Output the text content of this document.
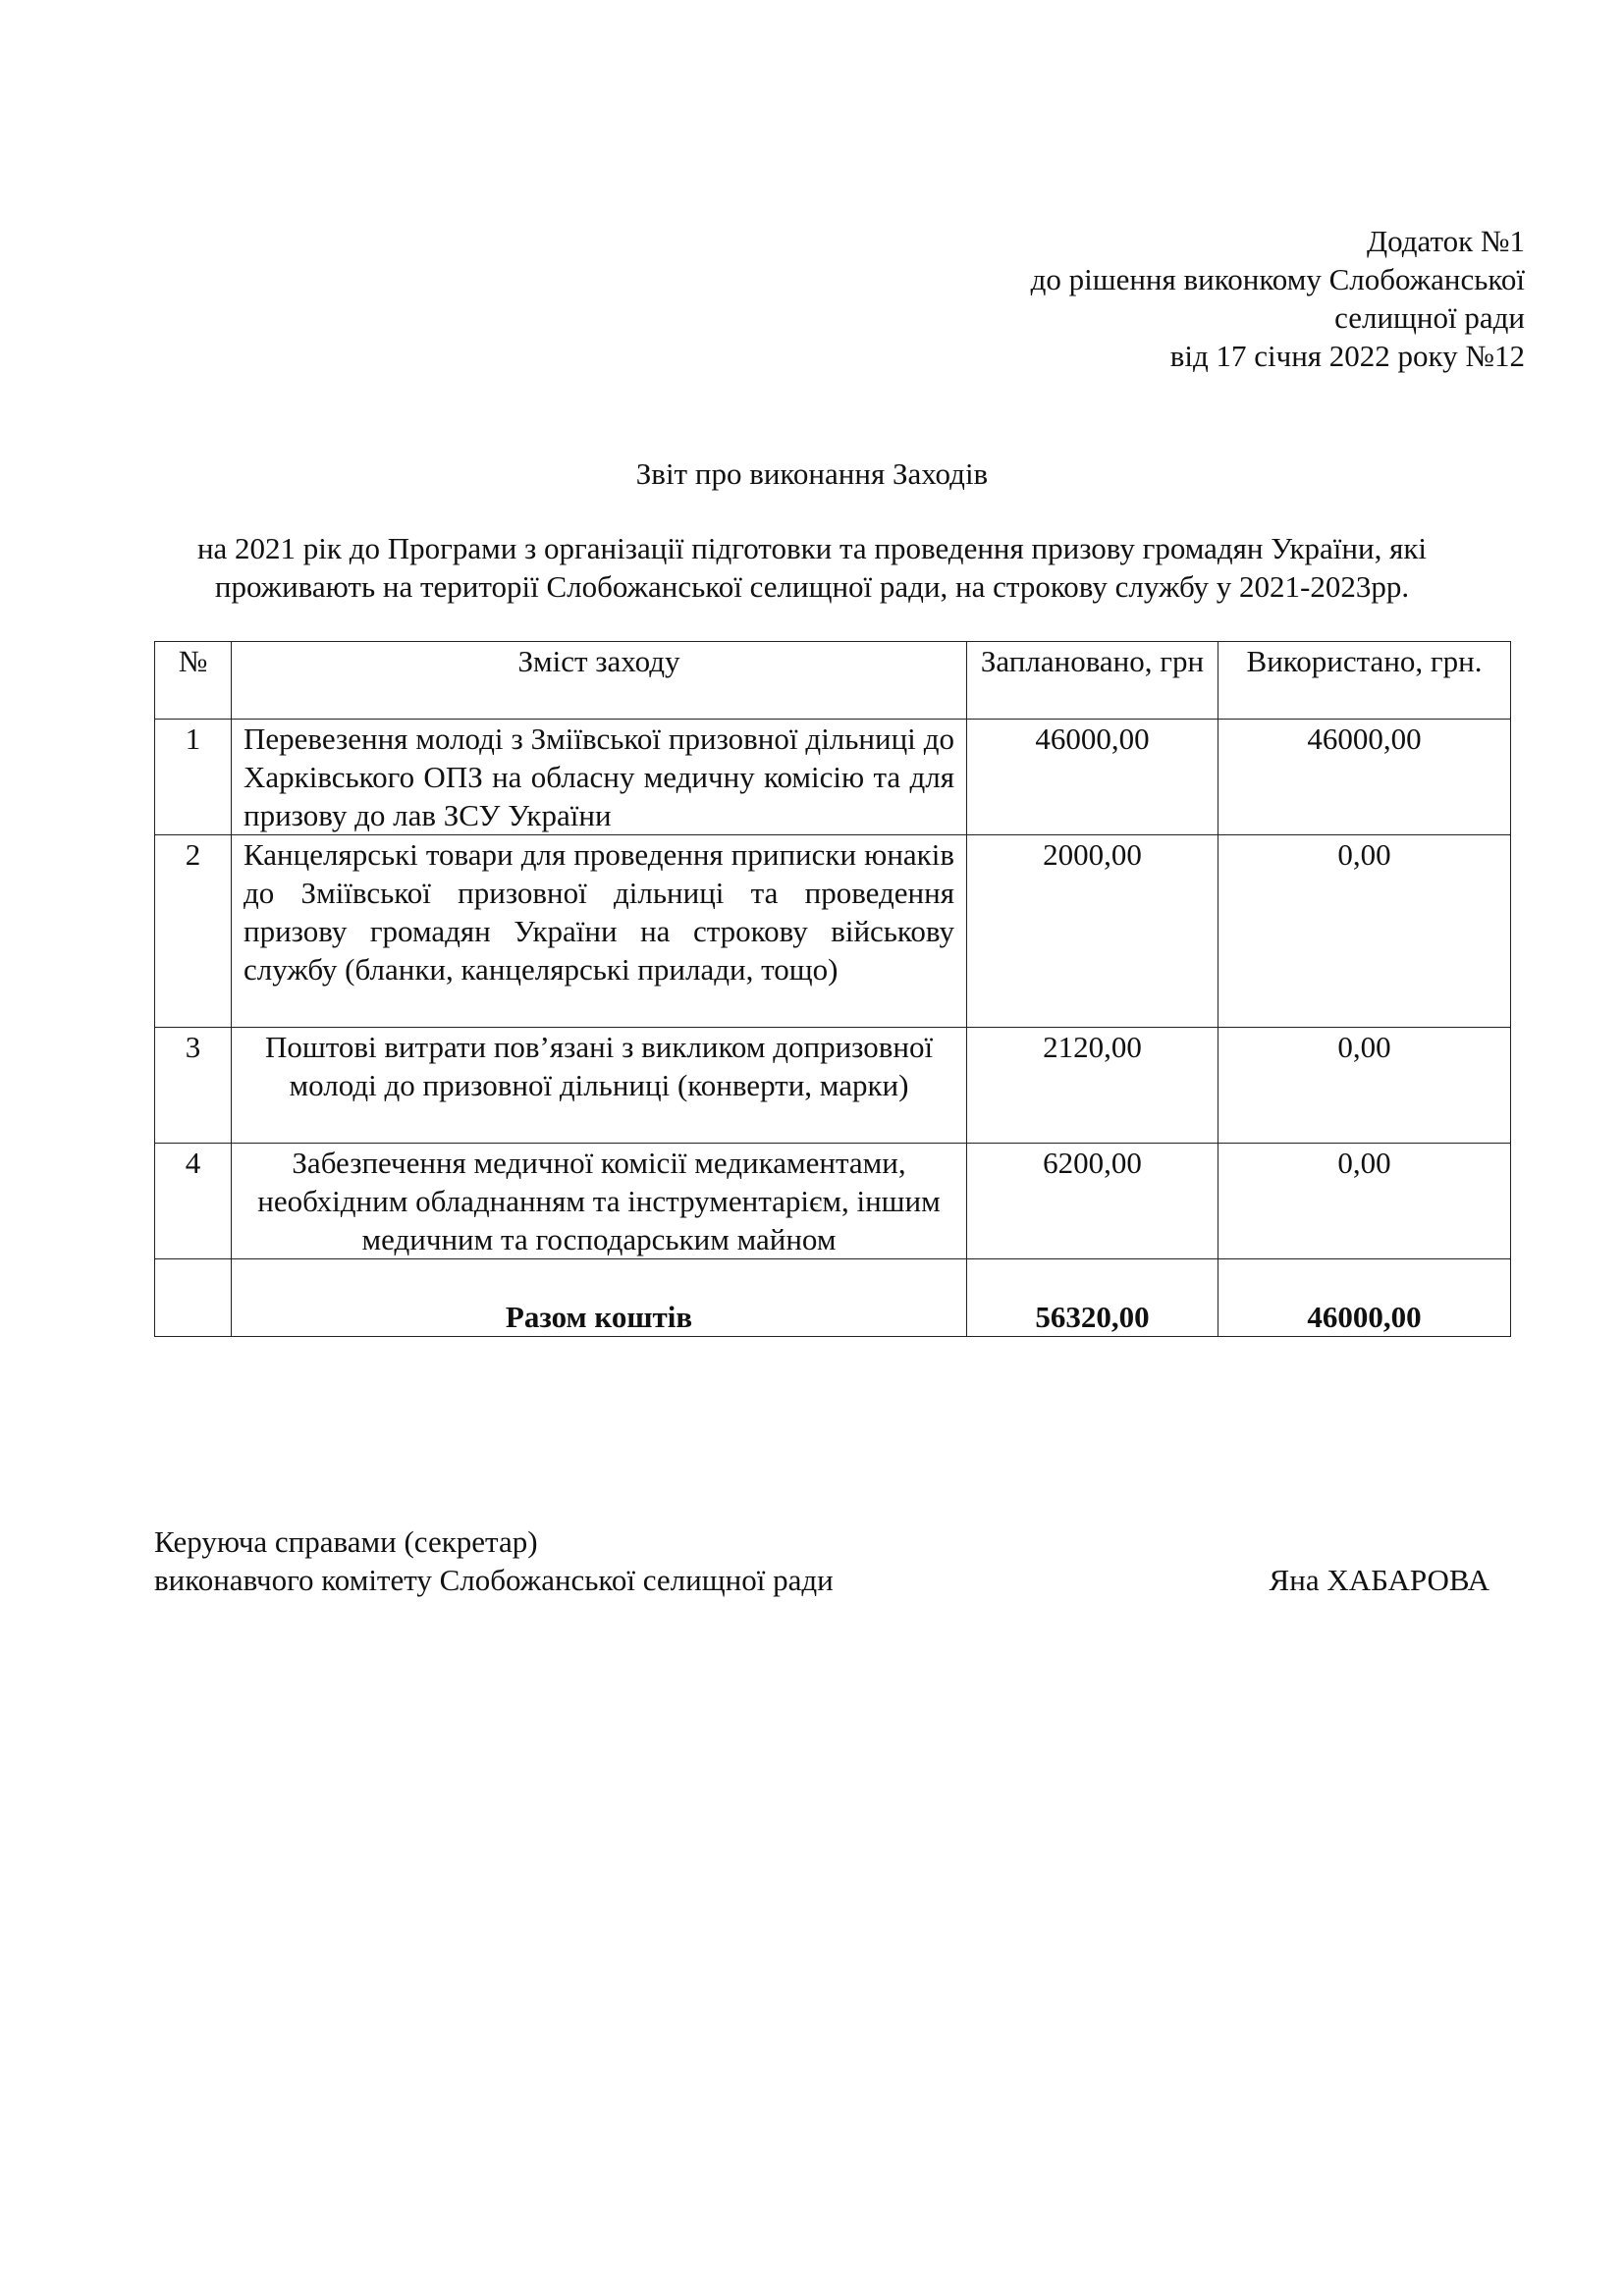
Додаток №1
до рішення виконкому Слобожанської
селищної ради
від 17 січня 2022 року №12
Звіт про виконання Заходів
на 2021 рік до Програми з організації підготовки та проведення призову громадян України, які проживають на території Слобожанської селищної ради, на строкову службу у 2021-2023рр.
№	Зміст заходу	Заплановано, грн	Використано, грн.
1	Перевезення молоді з Зміївської призовної дільниці до Харківського ОПЗ на обласну медичну комісію та для призову до лав ЗСУ України	46000,00	46000,00
2	Канцелярські товари для проведення приписки юнаків до Зміївської призовної дільниці та проведення призову громадян України на строкову військову службу (бланки, канцелярські прилади, тощо)	2000,00	0,00
3	Поштові витрати пов’язані з викликом допризовної молоді до призовної дільниці (конверти, марки)	2120,00	0,00
4	Забезпечення медичної комісії медикаментами, необхідним обладнанням та інструментарієм, іншим медичним та господарським майном	6200,00	0,00
	Разом коштів	56320,00	46000,00
Керуюча справами (секретар)
виконавчого комітету Слобожанської селищної ради	Яна ХАБАРОВА
